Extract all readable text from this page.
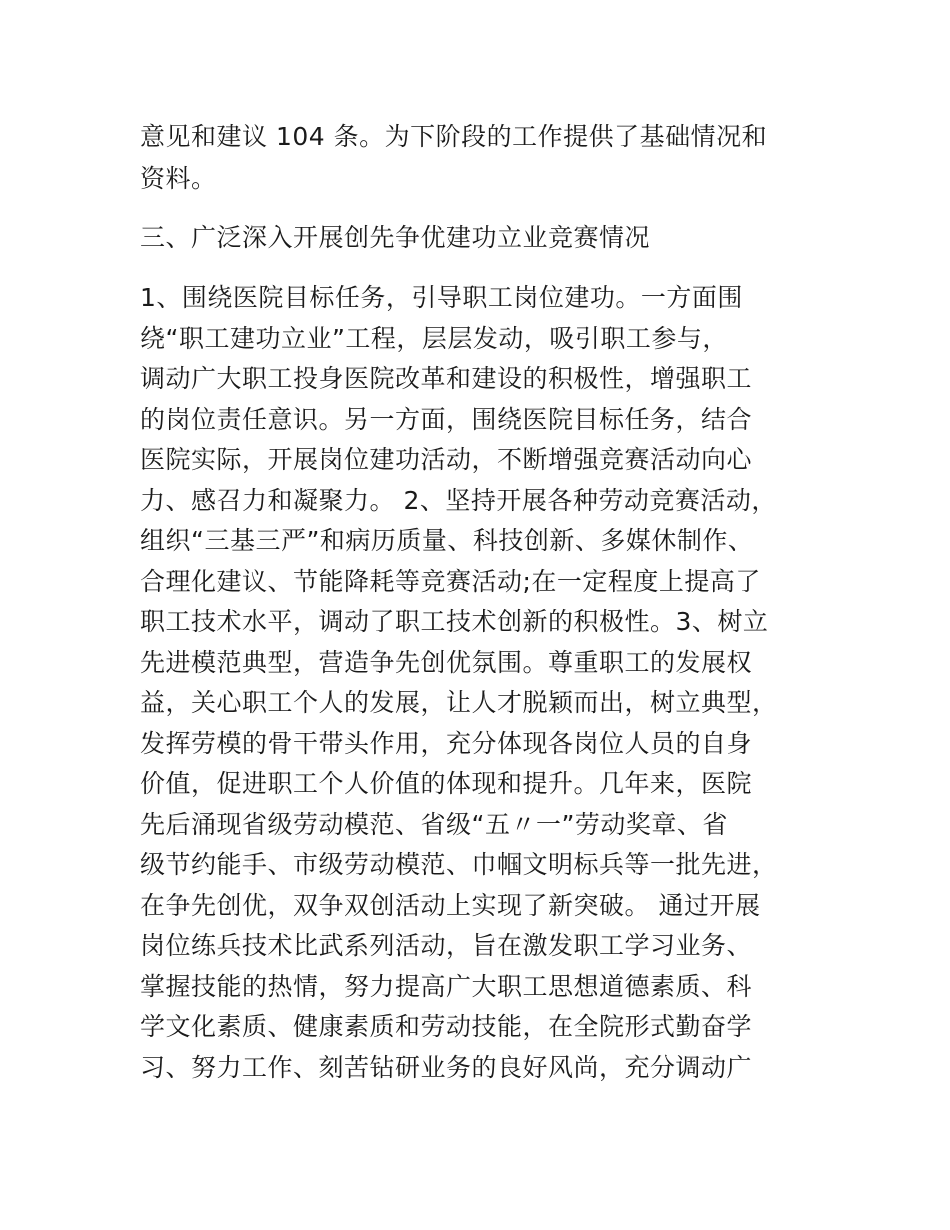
意见和建议 104 条。为下阶段的工作提供了基础情况和
资料。
三、广泛深入开展创先争优建功立业竞赛情况
1、围绕医院目标任务，引导职工岗位建功。一方面围
绕“职工建功立业”工程，层层发动，吸引职工参与，
调动广大职工投身医院改革和建设的积极性，增强职工
的岗位责任意识。另一方面，围绕医院目标任务，结合
医院实际，开展岗位建功活动，不断增强竞赛活动向心
力、感召力和凝聚力。 2、坚持开展各种劳动竞赛活动，
组织“三基三严”和病历质量、科技创新、多媒休制作、
合理化建议、节能降耗等竞赛活动;在一定程度上提高了
职工技术水平，调动了职工技术创新的积极性。3、树立
先进模范典型，营造争先创优氛围。尊重职工的发展权
益，关心职工个人的发展，让人才脱颖而出，树立典型，
发挥劳模的骨干带头作用，充分体现各岗位人员的自身
价值，促进职工个人价值的体现和提升。几年来，医院
先后涌现省级劳动模范、省级“五〃一”劳动奖章、省
级节约能手、市级劳动模范、巾帼文明标兵等一批先进，
在争先创优，双争双创活动上实现了新突破。 通过开展
岗位练兵技术比武系列活动，旨在激发职工学习业务、
掌握技能的热情，努力提高广大职工思想道德素质、科
学文化素质、健康素质和劳动技能，在全院形式勤奋学
习、努力工作、刻苦钻研业务的良好风尚，充分调动广
